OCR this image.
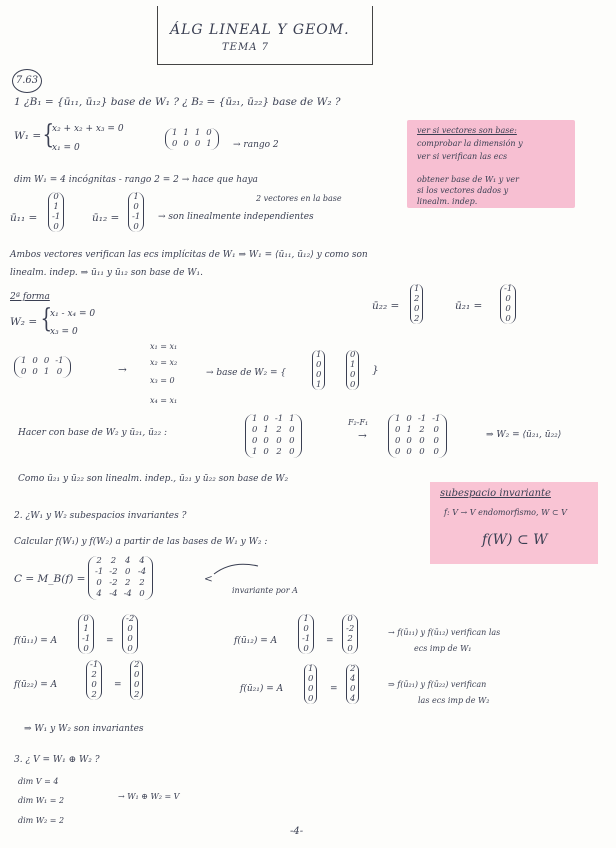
ÁLG LINEAL Y GEOM.
TEMA 7
7.63
1 ¿B₁ = {ū₁₁, ū₁₂} base de W₁ ? ¿ B₂ = {ū₂₁, ū₂₂} base de W₂ ?
W₁ = {
x₂ + x₂ + x₃ = 0
x₁ = 0
1	1	1	0
0	0	0	1 → rango 2
ver si vectores son base:
comprobar la dimensión y
ver si verifican las ecs
obtener base de W₁ y ver
si los vectores dados y
linealm. indep.
dim W₁ = 4 incógnitas - rango 2 = 2 → hace que haya
2 vectores en la base
ū₁₁ =
0
1
-1
0
ū₁₂ =
1
0
-1
0
→ son linealmente independientes
Ambos vectores verifican las ecs implícitas de W₁ ⇒ W₁ = ⟨ū₁₁, ū₁₂⟩ y como son
linealm. indep. ⇒ ū₁₁ y ū₁₂ son base de W₁.
2ª forma
W₂ = {
x₁ - x₄ = 0
x₃ = 0
ū₂₂ =
1
2
0
2
ū₂₁ =
-1
0
0
0
1	0	0	-1
0	0	1	0	→
x₁ = x₁
x₂ = x₂
x₃ = 0
x₄ = x₁
→ base de W₂ = {
1
0
0
1
0
1
0
0
}
Hacer con base de W₂ y ū₂₁, ū₂₂ :
1	0	-1	1
0	1	2	0
0	0	0	0
1	0	2	0
F₂-F₁
→
1	0	-1	-1
0	1	2	0
0	0	0	0
0	0	0	0
⇒ W₂ = ⟨ū₂₁, ū₂₂⟩
Como ū₂₁ y ū₂₂ son linealm. indep., ū₂₁ y ū₂₂ son base de W₂
subespacio invariante
f: V → V endomorfismo, W ⊂ V
f(W) ⊂ W
2. ¿W₁ y W₂ subespacios invariantes ?
Calcular f(W₁) y f(W₂) a partir de las bases de W₁ y W₂ :
C = M_B(f) =
2	2	4	4
-1	-2	0	-4
0	-2	2	2
4	-4	-4	0
<
invariante por A
f(ū₁₁) = A
0
1
-1
0
=
-2
0
0
0
f(ū₁₂) = A
1
0
-1
0
=
0
-2
2
0
→ f(ū₁₁) y f(ū₁₂) verifican las
ecs imp de W₁
f(ū₂₂) = A
-1
2
0
2
=
2
0
0
2
f(ū₂₁) = A
1
0
0
0
=
2
4
0
4
⇒ f(ū₂₁) y f(ū₂₂) verifican
las ecs imp de W₂
⇒ W₁ y W₂ son invariantes
3. ¿ V = W₁ ⊕ W₂ ?
dim V = 4
dim W₁ = 2
dim W₂ = 2
→ W₁ ⊕ W₂ = V
-4-
